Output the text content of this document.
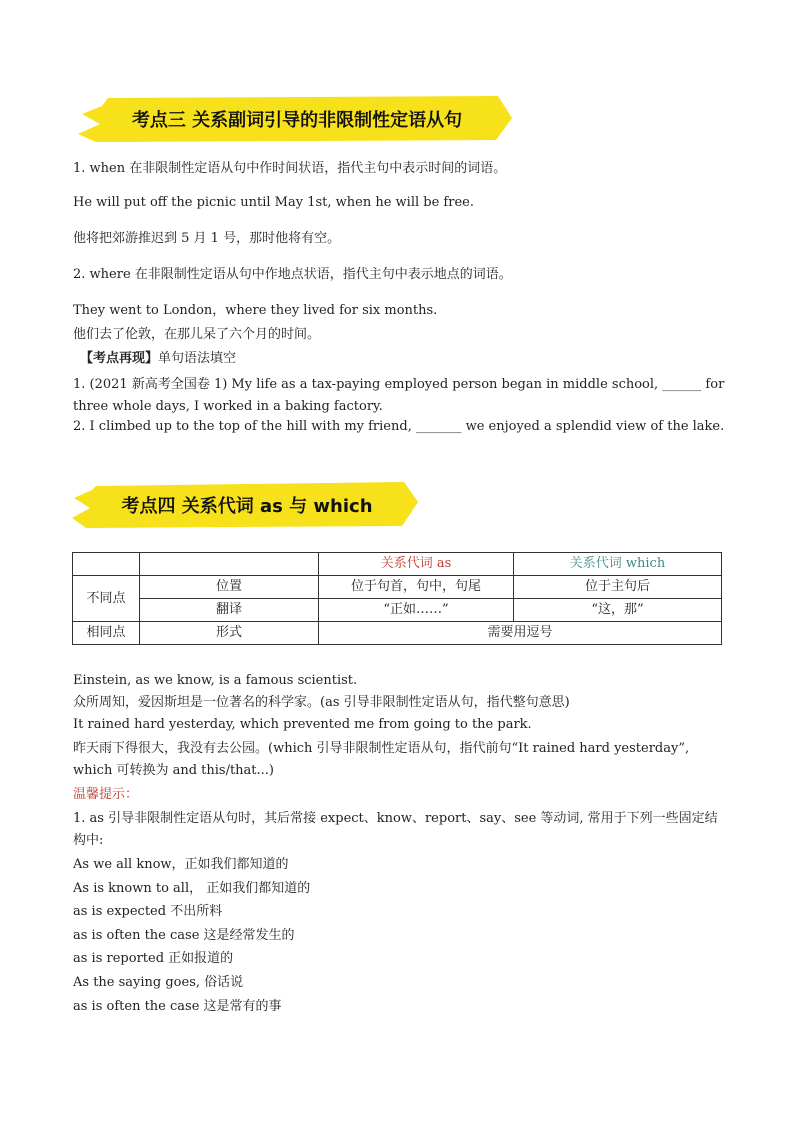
考点三 关系副词引导的非限制性定语从句
1. when 在非限制性定语从句中作时间状语，指代主句中表示时间的词语。
He will put off the picnic until May 1st, when he will be free.
他将把郊游推迟到 5 月 1 号，那时他将有空。
2. where 在非限制性定语从句中作地点状语，指代主句中表示地点的词语。
They went to London，where they lived for six months.
他们去了伦敦，在那儿呆了六个月的时间。
【考点再现】单句语法填空
1. (2021 新高考全国卷 1) My life as a tax-paying employed person began in middle school, ______ for three whole days, I worked in a baking factory.
2. I climbed up to the top of the hill with my friend, _______ we enjoyed a splendid view of the lake.
考点四 关系代词 as 与 which
		关系代词 as	关系代词 which
不同点	位置	位于句首，句中，句尾	位于主句后
	翻译	“正如……”	“这，那”
相同点	形式	需要用逗号	
Einstein, as we know, is a famous scientist.
众所周知，爱因斯坦是一位著名的科学家。(as 引导非限制性定语从句，指代整句意思)
It rained hard yesterday, which prevented me from going to the park.
昨天雨下得很大，我没有去公园。(which 引导非限制性定语从句，指代前句“It rained hard yesterday”, which 可转换为 and this/that...)
温馨提示：
1. as 引导非限制性定语从句时，其后常接 expect、know、report、say、see 等动词, 常用于下列一些固定结构中:
As we all know，正如我们都知道的
As is known to all， 正如我们都知道的
as is expected 不出所料
as is often the case 这是经常发生的
as is reported 正如报道的
As the saying goes, 俗话说
as is often the case 这是常有的事
